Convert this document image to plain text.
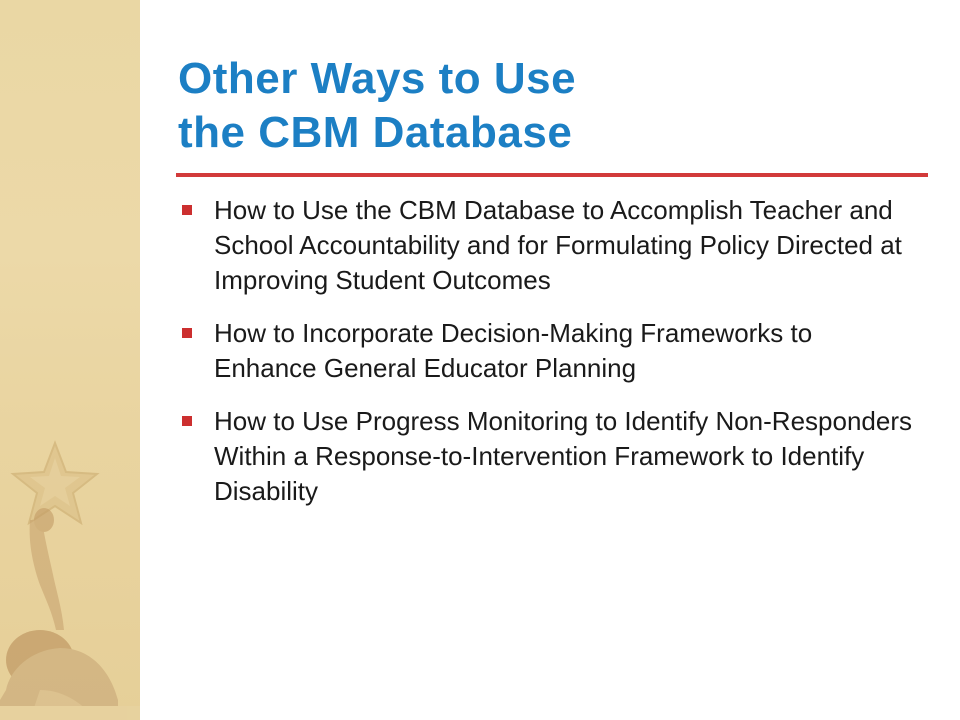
Other Ways to Use
the CBM Database
How to Use the CBM Database to Accomplish Teacher and School Accountability and for Formulating Policy Directed at Improving Student Outcomes
How to Incorporate Decision-Making Frameworks to Enhance General Educator Planning
How to Use Progress Monitoring to Identify Non-Responders Within a Response-to-Intervention Framework to Identify Disability
